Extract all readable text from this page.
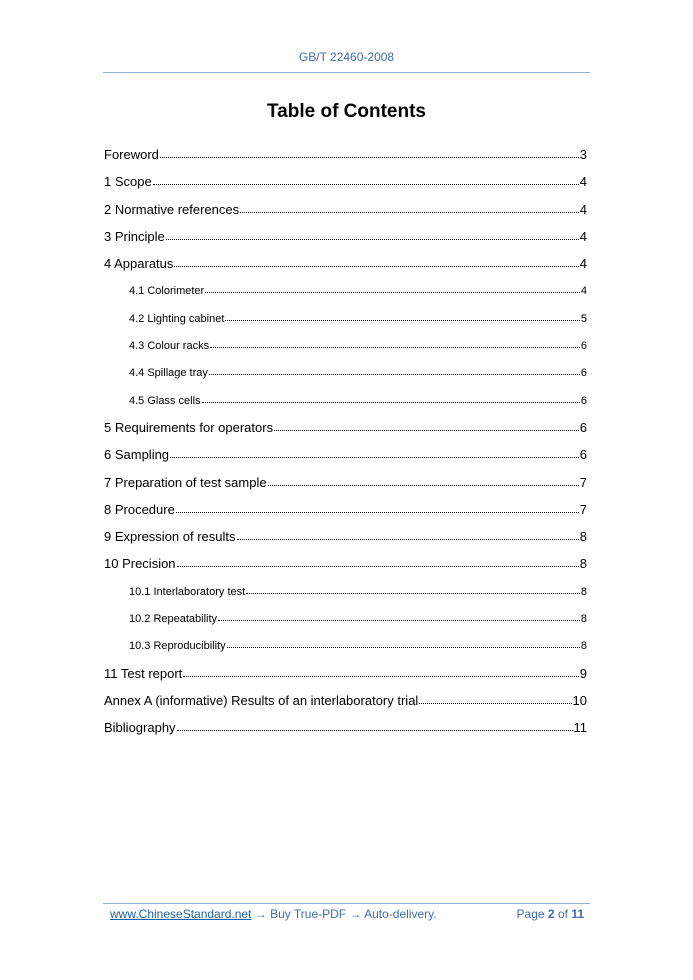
GB/T 22460-2008
Table of Contents
Foreword	3
1 Scope	4
2 Normative references	4
3 Principle	4
4 Apparatus	4
4.1 Colorimeter	4
4.2 Lighting cabinet	5
4.3 Colour racks	6
4.4 Spillage tray	6
4.5 Glass cells	6
5 Requirements for operators	6
6 Sampling	6
7 Preparation of test sample	7
8 Procedure	7
9 Expression of results	8
10 Precision	8
10.1 Interlaboratory test	8
10.2 Repeatability	8
10.3 Reproducibility	8
11 Test report	9
Annex A (informative) Results of an interlaboratory trial	10
Bibliography	11
www.ChineseStandard.net → Buy True-PDF → Auto-delivery.	Page 2 of 11
